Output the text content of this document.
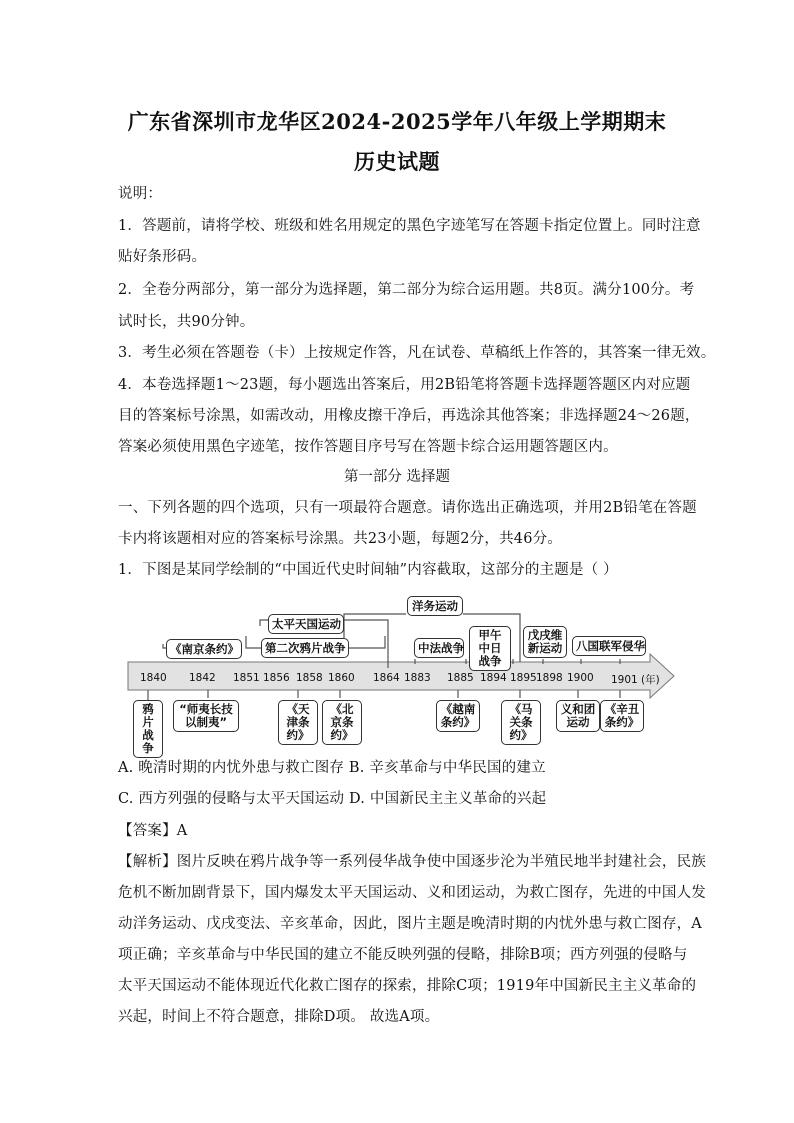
广东省深圳市龙华区2024-2025学年八年级上学期期末
历史试题
说明：
1．答题前，请将学校、班级和姓名用规定的黑色字迹笔写在答题卡指定位置上。同时注意
贴好条形码。
2．全卷分两部分，第一部分为选择题，第二部分为综合运用题。共8页。满分100分。考
试时长，共90分钟。
3．考生必须在答题卷（卡）上按规定作答，凡在试卷、草稿纸上作答的，其答案一律无效。
4．本卷选择题1～23题，每小题选出答案后，用2B铅笔将答题卡选择题答题区内对应题
目的答案标号涂黑，如需改动，用橡皮擦干净后，再选涂其他答案；非选择题24～26题，
答案必须使用黑色字迹笔，按作答题目序号写在答题卡综合运用题答题区内。
第一部分 选择题
一、下列各题的四个选项，只有一项最符合题意。请你选出正确选项，并用2B铅笔在答题
卡内将该题相对应的答案标号涂黑。共23小题，每题2分，共46分。
1．下图是某同学绘制的“中国近代史时间轴”内容截取，这部分的主题是（ ）
1840 1842 1851 1856 1858 1860 1864 1883 1885 1894 1895 1898 1900 1901 (年)
《南京条约》
太平天国运动
第二次鸦片战争
洋务运动
中法战争
甲午中日战争
戊戌维新运动	八国联军侵华
鸦片战争
“师夷长技以制夷”
《天津条约》
《北京条约》
《越南条约》
《马关条约》
义和团运动
《辛丑条约》
A. 晚清时期的内忧外患与救亡图存 B. 辛亥革命与中华民国的建立
C. 西方列强的侵略与太平天国运动 D. 中国新民主主义革命的兴起
【答案】A
【解析】图片反映在鸦片战争等一系列侵华战争使中国逐步沦为半殖民地半封建社会，民族
危机不断加剧背景下，国内爆发太平天国运动、义和团运动，为救亡图存，先进的中国人发
动洋务运动、戊戌变法、辛亥革命，因此，图片主题是晚清时期的内忧外患与救亡图存，A
项正确；辛亥革命与中华民国的建立不能反映列强的侵略，排除B项；西方列强的侵略与
太平天国运动不能体现近代化救亡图存的探索，排除C项；1919年中国新民主主义革命的
兴起，时间上不符合题意，排除D项。 故选A项。
